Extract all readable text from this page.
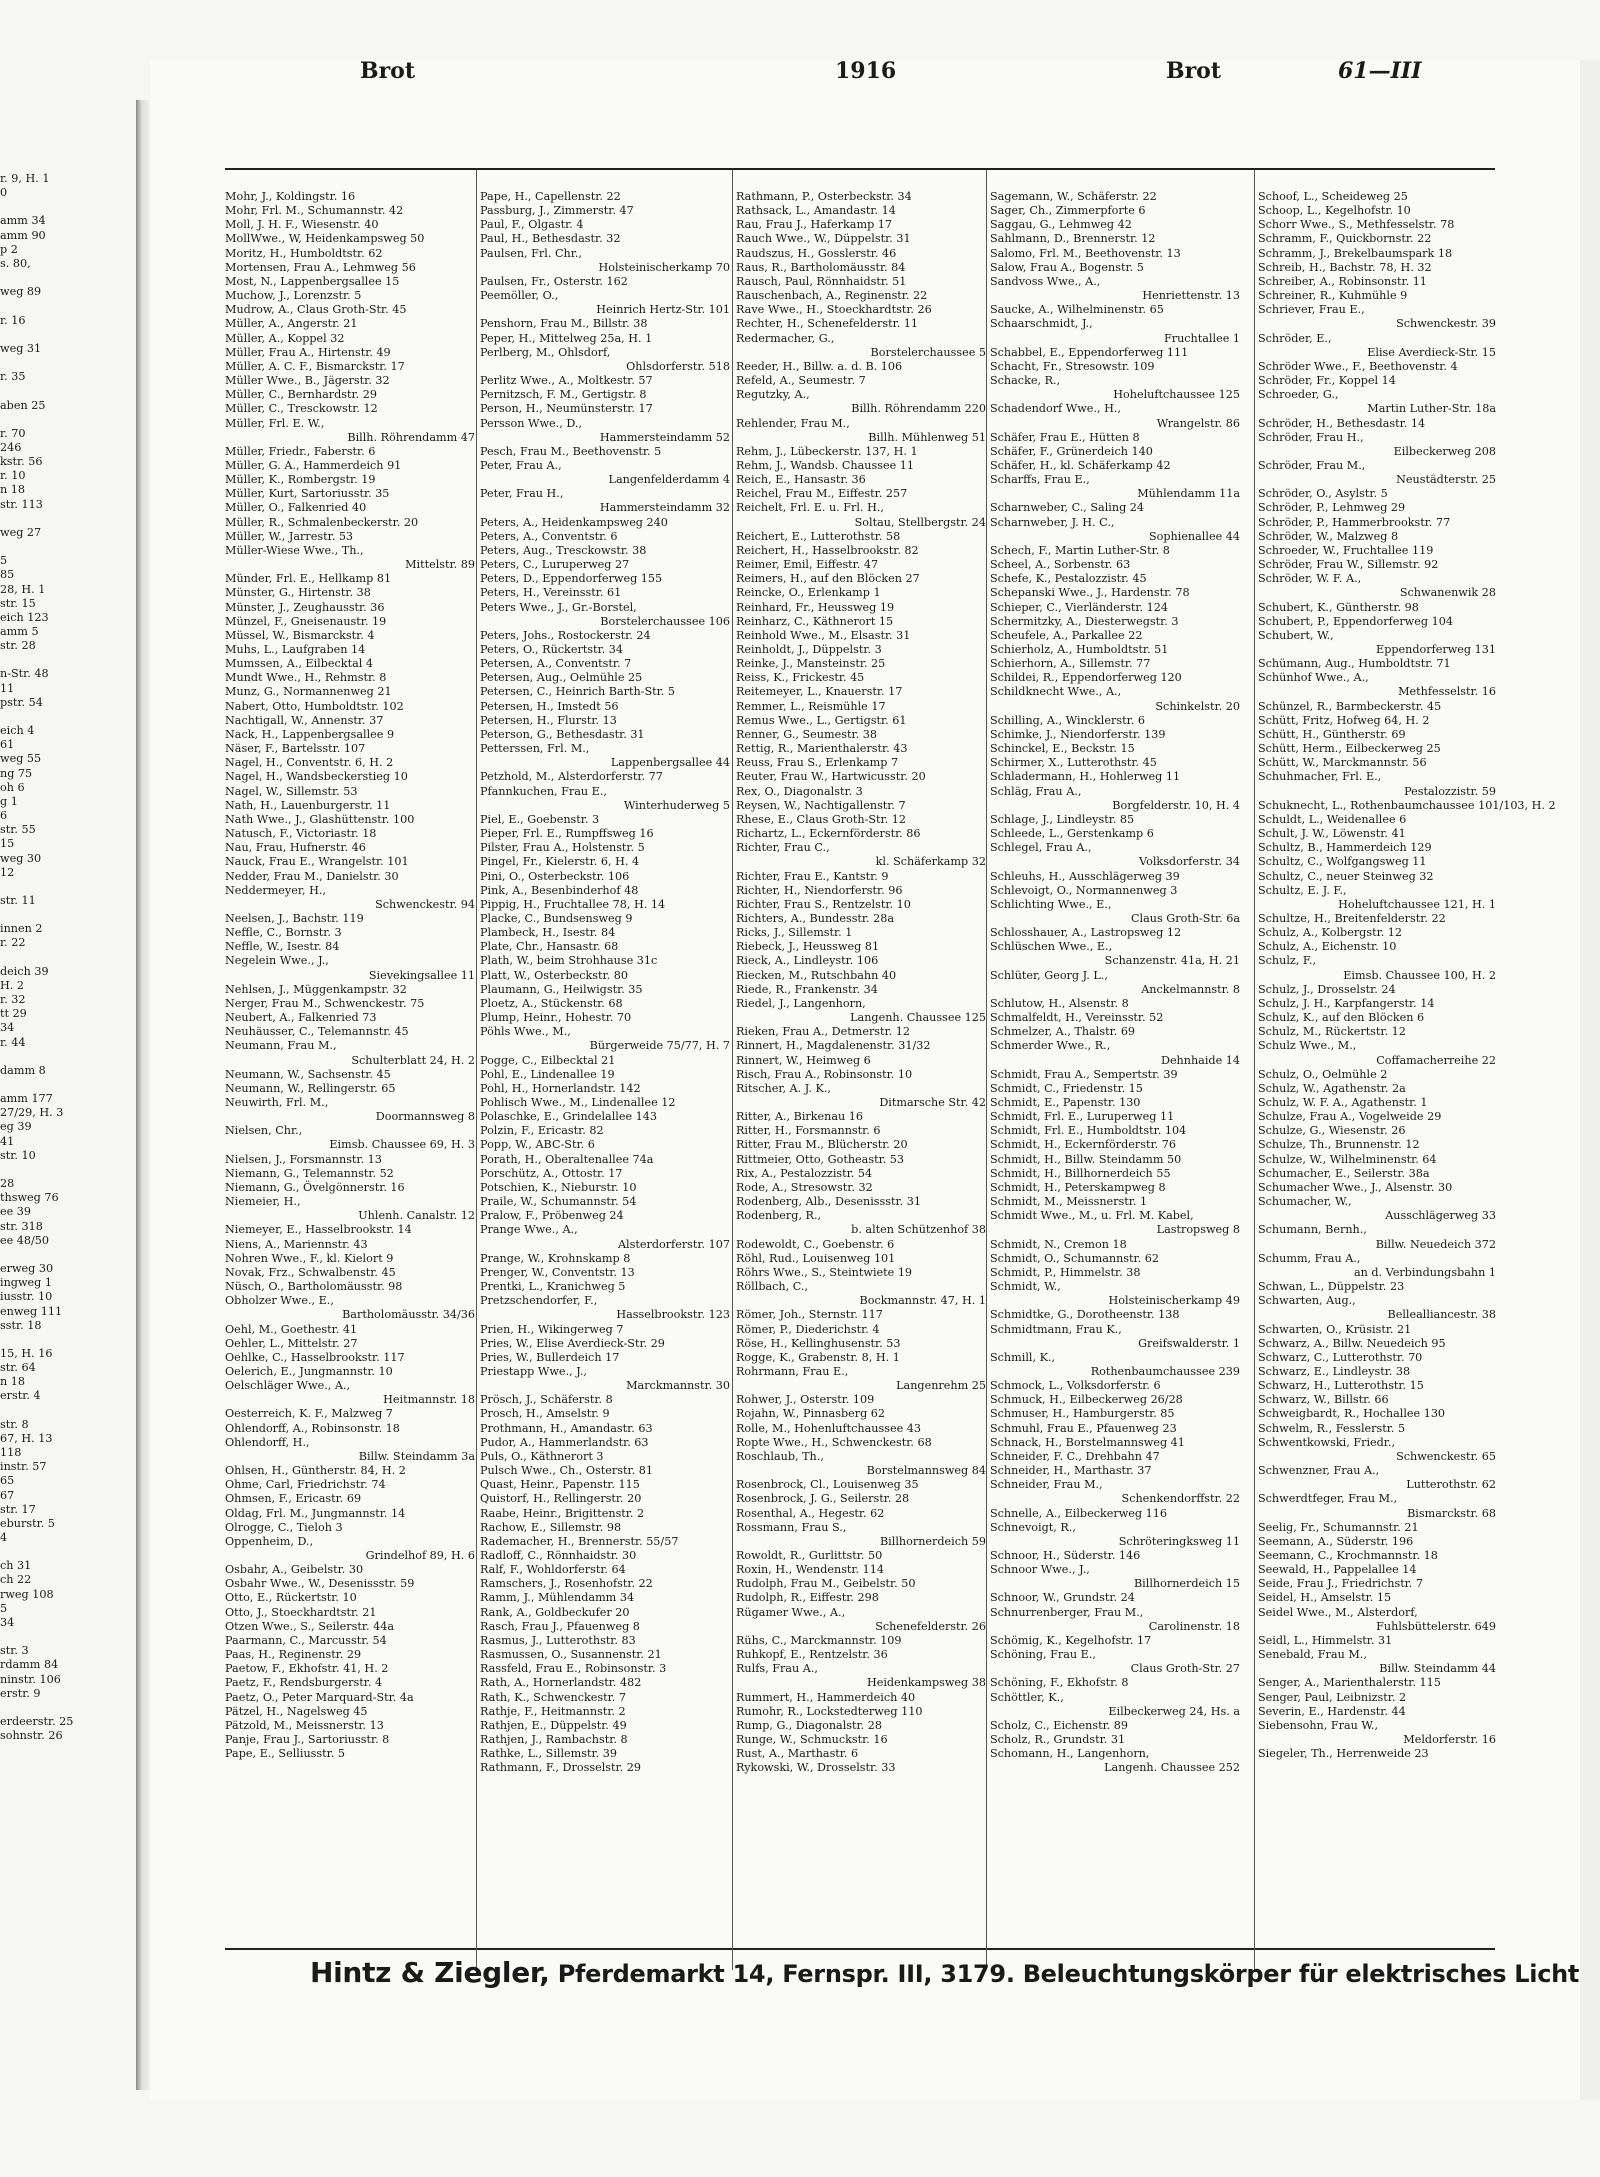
r. 9, H. 1
0

amm 34
amm 90
p 2
s. 80,

weg 89

r. 16

weg 31

r. 35

aben 25

r. 70
246
kstr. 56
r. 10
n 18
str. 113

weg 27

5
85
28, H. 1
str. 15
eich 123
amm 5
str. 28

n-Str. 48
11
pstr. 54

eich 4
61
weg 55
ng 75
oh 6
g 1
6
str. 55
15
weg 30
12

str. 11

innen 2
r. 22

deich 39
H. 2
r. 32
tt 29
34
r. 44

damm 8

amm 177
27/29, H. 3
eg 39
41
str. 10

28
thsweg 76
ee 39
str. 318
ee 48/50

erweg 30
ingweg 1
iusstr. 10
enweg 111
sstr. 18

15, H. 16
str. 64
n 18
erstr. 4

str. 8
67, H. 13
118
instr. 57
65
67
str. 17
eburstr. 5
4

ch 31
ch 22
rweg 108
5
34

str. 3
rdamm 84
ninstr. 106
erstr. 9

erdeerstr. 25
sohnstr. 26
Brot	1916	Brot	61—III
Mohr, J., Koldingstr. 16
Mohr, Frl. M., Schumannstr. 42
Moll, J. H. F., Wiesenstr. 40
MollWwe., W, Heidenkampsweg 50
Moritz, H., Humboldtstr. 62
Mortensen, Frau A., Lehmweg 56
Most, N., Lappenbergsallee 15
Muchow, J., Lorenzstr. 5
Mudrow, A., Claus Groth-Str. 45
Müller, A., Angerstr. 21
Müller, A., Koppel 32
Müller, Frau A., Hirtenstr. 49
Müller, A. C. F., Bismarckstr. 17
Müller Wwe., B., Jägerstr. 32
Müller, C., Bernhardstr. 29
Müller, C., Tresckowstr. 12
Müller, Frl. E. W.,
    Billh. Röhrendamm 47
Müller, Friedr., Faberstr. 6
Müller, G. A., Hammerdeich 91
Müller, K., Rombergstr. 19
Müller, Kurt, Sartoriusstr. 35
Müller, O., Falkenried 40
Müller, R., Schmalenbeckerstr. 20
Müller, W., Jarrestr. 53
Müller-Wiese Wwe., Th.,
    Mittelstr. 89
Münder, Frl. E., Hellkamp 81
Münster, G., Hirtenstr. 38
Münster, J., Zeughausstr. 36
Münzel, F., Gneisenaustr. 19
Müssel, W., Bismarckstr. 4
Muhs, L., Laufgraben 14
Mumssen, A., Eilbecktal 4
Mundt Wwe., H., Rehmstr. 8
Munz, G., Normannenweg 21
Nabert, Otto, Humboldtstr. 102
Nachtigall, W., Annenstr. 37
Nack, H., Lappenbergsallee 9
Näser, F., Bartelsstr. 107
Nagel, H., Conventstr. 6, H. 2
Nagel, H., Wandsbeckerstieg 10
Nagel, W., Sillemstr. 53
Nath, H., Lauenburgerstr. 11
Nath Wwe., J., Glashüttenstr. 100
Natusch, F., Victoriastr. 18
Nau, Frau, Hufnerstr. 46
Nauck, Frau E., Wrangelstr. 101
Nedder, Frau M., Danielstr. 30
Neddermeyer, H.,
    Schwenckestr. 94
Neelsen, J., Bachstr. 119
Neffle, C., Bornstr. 3
Neffle, W., Isestr. 84
Negelein Wwe., J.,
    Sievekingsallee 11
Nehlsen, J., Müggenkampstr. 32
Nerger, Frau M., Schwenckestr. 75
Neubert, A., Falkenried 73
Neuhäusser, C., Telemannstr. 45
Neumann, Frau M.,
    Schulterblatt 24, H. 2
Neumann, W., Sachsenstr. 45
Neumann, W., Rellingerstr. 65
Neuwirth, Frl. M.,
    Doormannsweg 8
Nielsen, Chr.,
    Eimsb. Chaussee 69, H. 3
Nielsen, J., Forsmannstr. 13
Niemann, G., Telemannstr. 52
Niemann, G., Övelgönnerstr. 16
Niemeier, H.,
    Uhlenh. Canalstr. 12
Niemeyer, E., Hasselbrookstr. 14
Niens, A., Mariennstr. 43
Nohren Wwe., F., kl. Kielort 9
Novak, Frz., Schwalbenstr. 45
Nüsch, O., Bartholomäusstr. 98
Obholzer Wwe., E.,
    Bartholomäusstr. 34/36
Oehl, M., Goethestr. 41
Oehler, L., Mittelstr. 27
Oehlke, C., Hasselbrookstr. 117
Oelerich, E., Jungmannstr. 10
Oelschläger Wwe., A.,
    Heitmannstr. 18
Oesterreich, K. F., Malzweg 7
Ohlendorff, A., Robinsonstr. 18
Ohlendorff, H.,
    Billw. Steindamm 3a
Ohlsen, H., Güntherstr. 84, H. 2
Ohme, Carl, Friedrichstr. 74
Ohmsen, F., Ericastr. 69
Oldag, Frl. M., Jungmannstr. 14
Olrogge, C., Tieloh 3
Oppenheim, D.,
    Grindelhof 89, H. 6
Osbahr, A., Geibelstr. 30
Osbahr Wwe., W., Desenissstr. 59
Otto, E., Rückertstr. 10
Otto, J., Stoeckhardtstr. 21
Otzen Wwe., S., Seilerstr. 44a
Paarmann, C., Marcusstr. 54
Paas, H., Reginenstr. 29
Paetow, F., Ekhofstr. 41, H. 2
Paetz, F., Rendsburgerstr. 4
Paetz, O., Peter Marquard-Str. 4a
Pätzel, H., Nagelsweg 45
Pätzold, M., Meissnerstr. 13
Panje, Frau J., Sartoriusstr. 8
Pape, E., Selliusstr. 5
Pape, H., Capellenstr. 22
Passburg, J., Zimmerstr. 47
Paul, F., Olgastr. 4
Paul, H., Bethesdastr. 32
Paulsen, Frl. Chr.,
    Holsteinischerkamp 70
Paulsen, Fr., Osterstr. 162
Peemöller, O.,
    Heinrich Hertz-Str. 101
Penshorn, Frau M., Billstr. 38
Peper, H., Mittelweg 25a, H. 1
Perlberg, M., Ohlsdorf,
    Ohlsdorferstr. 518
Perlitz Wwe., A., Moltkestr. 57
Pernitzsch, F. M., Gertigstr. 8
Person, H., Neumünsterstr. 17
Persson Wwe., D.,
    Hammersteindamm 52
Pesch, Frau M., Beethovenstr. 5
Peter, Frau A.,
    Langenfelderdamm 4
Peter, Frau H.,
    Hammersteindamm 32
Peters, A., Heidenkampsweg 240
Peters, A., Conventstr. 6
Peters, Aug., Tresckowstr. 38
Peters, C., Luruperweg 27
Peters, D., Eppendorferweg 155
Peters, H., Vereinsstr. 61
Peters Wwe., J., Gr.-Borstel,
    Borstelerchaussee 106
Peters, Johs., Rostockerstr. 24
Peters, O., Rückertstr. 34
Petersen, A., Conventstr. 7
Petersen, Aug., Oelmühle 25
Petersen, C., Heinrich Barth-Str. 5
Petersen, H., Imstedt 56
Petersen, H., Flurstr. 13
Peterson, G., Bethesdastr. 31
Petterssen, Frl. M.,
    Lappenbergsallee 44
Petzhold, M., Alsterdorferstr. 77
Pfannkuchen, Frau E.,
    Winterhuderweg 5
Piel, E., Goebenstr. 3
Pieper, Frl. E., Rumpffsweg 16
Pilster, Frau A., Holstenstr. 5
Pingel, Fr., Kielerstr. 6, H. 4
Pini, O., Osterbeckstr. 106
Pink, A., Besenbinderhof 48
Pippig, H., Fruchtallee 78, H. 14
Placke, C., Bundsensweg 9
Plambeck, H., Isestr. 84
Plate, Chr., Hansastr. 68
Plath, W., beim Strohhause 31c
Platt, W., Osterbeckstr. 80
Plaumann, G., Heilwigstr. 35
Ploetz, A., Stückenstr. 68
Plump, Heinr., Hohestr. 70
Pöhls Wwe., M.,
    Bürgerweide 75/77, H. 7
Pogge, C., Eilbecktal 21
Pohl, E., Lindenallee 19
Pohl, H., Hornerlandstr. 142
Pohlisch Wwe., M., Lindenallee 12
Polaschke, E., Grindelallee 143
Polzin, F., Ericastr. 82
Popp, W., ABC-Str. 6
Porath, H., Oberaltenallee 74a
Porschütz, A., Ottostr. 17
Potschien, K., Nieburstr. 10
Praile, W., Schumannstr. 54
Pralow, F., Pröbenweg 24
Prange Wwe., A.,
    Alsterdorferstr. 107
Prange, W., Krohnskamp 8
Prenger, W., Conventstr. 13
Prentki, L., Kranichweg 5
Pretzschendorfer, F.,
    Hasselbrookstr. 123
Prien, H., Wikingerweg 7
Pries, W., Elise Averdieck-Str. 29
Pries, W., Bullerdeich 17
Priestapp Wwe., J.,
    Marckmannstr. 30
Prösch, J., Schäferstr. 8
Prosch, H., Amselstr. 9
Prothmann, H., Amandastr. 63
Pudor, A., Hammerlandstr. 63
Puls, O., Käthnerort 3
Pulsch Wwe., Ch., Osterstr. 81
Quast, Heinr., Papenstr. 115
Quistorf, H., Rellingerstr. 20
Raabe, Heinr., Brigittenstr. 2
Rachow, E., Sillemstr. 98
Rademacher, H., Brennerstr. 55/57
Radloff, C., Rönnhaidstr. 30
Ralf, F., Wohldorferstr. 64
Ramschers, J., Rosenhofstr. 22
Ramm, J., Mühlendamm 34
Rank, A., Goldbeckufer 20
Rasch, Frau J., Pfauenweg 8
Rasmus, J., Lutterothstr. 83
Rasmussen, O., Susannenstr. 21
Rassfeld, Frau E., Robinsonstr. 3
Rath, A., Hornerlandstr. 482
Rath, K., Schwenckestr. 7
Rathje, F., Heitmannstr. 2
Rathjen, E., Düppelstr. 49
Rathjen, J., Rambachstr. 8
Rathke, L., Sillemstr. 39
Rathmann, F., Drosselstr. 29
Rathmann, P., Osterbeckstr. 34
Rathsack, L., Amandastr. 14
Rau, Frau J., Haferkamp 17
Rauch Wwe., W., Düppelstr. 31
Raudszus, H., Gosslerstr. 46
Raus, R., Bartholomäusstr. 84
Rausch, Paul, Rönnhaidstr. 51
Rauschenbach, A., Reginenstr. 22
Rave Wwe., H., Stoeckhardtstr. 26
Rechter, H., Schenefelderstr. 11
Redermacher, G.,
    Borstelerchaussee 5
Reeder, H., Billw. a. d. B. 106
Refeld, A., Seumestr. 7
Regutzky, A.,
    Billh. Röhrendamm 220
Rehlender, Frau M.,
    Billh. Mühlenweg 51
Rehm, J., Lübeckerstr. 137, H. 1
Rehm, J., Wandsb. Chaussee 11
Reich, E., Hansastr. 36
Reichel, Frau M., Eiffestr. 257
Reichelt, Frl. E. u. Frl. H.,
    Soltau, Stellbergstr. 24
Reichert, E., Lutterothstr. 58
Reichert, H., Hasselbrookstr. 82
Reimer, Emil, Eiffestr. 47
Reimers, H., auf den Blöcken 27
Reincke, O., Erlenkamp 1
Reinhard, Fr., Heussweg 19
Reinharz, C., Käthnerort 15
Reinhold Wwe., M., Elsastr. 31
Reinholdt, J., Düppelstr. 3
Reinke, J., Mansteinstr. 25
Reiss, K., Frickestr. 45
Reitemeyer, L., Knauerstr. 17
Remmer, L., Reismühle 17
Remus Wwe., L., Gertigstr. 61
Renner, G., Seumestr. 38
Rettig, R., Marienthalerstr. 43
Reuss, Frau S., Erlenkamp 7
Reuter, Frau W., Hartwicusstr. 20
Rex, O., Diagonalstr. 3
Reysen, W., Nachtigallenstr. 7
Rhese, E., Claus Groth-Str. 12
Richartz, L., Eckernförderstr. 86
Richter, Frau C.,
    kl. Schäferkamp 32
Richter, Frau E., Kantstr. 9
Richter, H., Niendorferstr. 96
Richter, Frau S., Rentzelstr. 10
Richters, A., Bundesstr. 28a
Ricks, J., Sillemstr. 1
Riebeck, J., Heussweg 81
Rieck, A., Lindleystr. 106
Riecken, M., Rutschbahn 40
Riede, R., Frankenstr. 34
Riedel, J., Langenhorn,
    Langenh. Chaussee 125
Rieken, Frau A., Detmerstr. 12
Rinnert, H., Magdalenenstr. 31/32
Rinnert, W., Heimweg 6
Risch, Frau A., Robinsonstr. 10
Ritscher, A. J. K.,
    Ditmarsche Str. 42
Ritter, A., Birkenau 16
Ritter, H., Forsmannstr. 6
Ritter, Frau M., Blücherstr. 20
Rittmeier, Otto, Gotheastr. 53
Rix, A., Pestalozzistr. 54
Rode, A., Stresowstr. 32
Rodenberg, Alb., Desenissstr. 31
Rodenberg, R.,
    b. alten Schützenhof 38
Rodewoldt, C., Goebenstr. 6
Röhl, Rud., Louisenweg 101
Röhrs Wwe., S., Steintwiete 19
Röllbach, C.,
    Bockmannstr. 47, H. 1
Römer, Joh., Sternstr. 117
Römer, P., Diederichstr. 4
Röse, H., Kellinghusenstr. 53
Rogge, K., Grabenstr. 8, H. 1
Rohrmann, Frau E.,
    Langenrehm 25
Rohwer, J., Osterstr. 109
Rojahn, W., Pinnasberg 62
Rolle, M., Hohenluftchaussee 43
Ropte Wwe., H., Schwenckestr. 68
Roschlaub, Th.,
    Borstelmannsweg 84
Rosenbrock, Cl., Louisenweg 35
Rosenbrock, J. G., Seilerstr. 28
Rosenthal, A., Hegestr. 62
Rossmann, Frau S.,
    Billhornerdeich 59
Rowoldt, R., Gurlittstr. 50
Roxin, H., Wendenstr. 114
Rudolph, Frau M., Geibelstr. 50
Rudolph, R., Eiffestr. 298
Rügamer Wwe., A.,
    Schenefelderstr. 26
Rühs, C., Marckmannstr. 109
Ruhkopf, E., Rentzelstr. 36
Rulfs, Frau A.,
    Heidenkampsweg 38
Rummert, H., Hammerdeich 40
Rumohr, R., Lockstedterweg 110
Rump, G., Diagonalstr. 28
Runge, W., Schmuckstr. 16
Rust, A., Marthastr. 6
Rykowski, W., Drosselstr. 33
Sagemann, W., Schäferstr. 22
Sager, Ch., Zimmerpforte 6
Saggau, G., Lehmweg 42
Sahlmann, D., Brennerstr. 12
Salomo, Frl. M., Beethovenstr. 13
Salow, Frau A., Bogenstr. 5
Sandvoss Wwe., A.,
    Henriettenstr. 13
Saucke, A., Wilhelminenstr. 65
Schaarschmidt, J.,
    Fruchtallee 1
Schabbel, E., Eppendorferweg 111
Schacht, Fr., Stresowstr. 109
Schacke, R.,
    Hoheluftchaussee 125
Schadendorf Wwe., H.,
    Wrangelstr. 86
Schäfer, Frau E., Hütten 8
Schäfer, F., Grünerdeich 140
Schäfer, H., kl. Schäferkamp 42
Scharffs, Frau E.,
    Mühlendamm 11a
Scharnweber, C., Saling 24
Scharnweber, J. H. C.,
    Sophienallee 44
Schech, F., Martin Luther-Str. 8
Scheel, A., Sorbenstr. 63
Schefe, K., Pestalozzistr. 45
Schepanski Wwe., J., Hardenstr. 78
Schieper, C., Vierländerstr. 124
Schermitzky, A., Diesterwegstr. 3
Scheufele, A., Parkallee 22
Schierholz, A., Humboldtstr. 51
Schierhorn, A., Sillemstr. 77
Schildei, R., Eppendorferweg 120
Schildknecht Wwe., A.,
    Schinkelstr. 20
Schilling, A., Wincklerstr. 6
Schimke, J., Niendorferstr. 139
Schinckel, E., Beckstr. 15
Schirmer, X., Lutterothstr. 45
Schladermann, H., Hohlerweg 11
Schläg, Frau A.,
    Borgfelderstr. 10, H. 4
Schlage, J., Lindleystr. 85
Schleede, L., Gerstenkamp 6
Schlegel, Frau A.,
    Volksdorferstr. 34
Schleuhs, H., Ausschlägerweg 39
Schlevoigt, O., Normannenweg 3
Schlichting Wwe., E.,
    Claus Groth-Str. 6a
Schlosshauer, A., Lastropsweg 12
Schlüschen Wwe., E.,
    Schanzenstr. 41a, H. 21
Schlüter, Georg J. L.,
    Anckelmannstr. 8
Schlutow, H., Alsenstr. 8
Schmalfeldt, H., Vereinsstr. 52
Schmelzer, A., Thalstr. 69
Schmerder Wwe., R.,
    Dehnhaide 14
Schmidt, Frau A., Sempertstr. 39
Schmidt, C., Friedenstr. 15
Schmidt, E., Papenstr. 130
Schmidt, Frl. E., Luruperweg 11
Schmidt, Frl. E., Humboldtstr. 104
Schmidt, H., Eckernförderstr. 76
Schmidt, H., Billw. Steindamm 50
Schmidt, H., Billhornerdeich 55
Schmidt, H., Peterskampweg 8
Schmidt, M., Meissnerstr. 1
Schmidt Wwe., M., u. Frl. M. Kabel,
    Lastropsweg 8
Schmidt, N., Cremon 18
Schmidt, O., Schumannstr. 62
Schmidt, P., Himmelstr. 38
Schmidt, W.,
    Holsteinischerkamp 49
Schmidtke, G., Dorotheenstr. 138
Schmidtmann, Frau K.,
    Greifswalderstr. 1
Schmill, K.,
    Rothenbaumchaussee 239
Schmock, L., Volksdorferstr. 6
Schmuck, H., Eilbeckerweg 26/28
Schmuser, H., Hamburgerstr. 85
Schmuhl, Frau E., Pfauenweg 23
Schnack, H., Borstelmannsweg 41
Schneider, F. C., Drehbahn 47
Schneider, H., Marthastr. 37
Schneider, Frau M.,
    Schenkendorffstr. 22
Schnelle, A., Eilbeckerweg 116
Schnevoigt, R.,
    Schröteringksweg 11
Schnoor, H., Süderstr. 146
Schnoor Wwe., J.,
    Billhornerdeich 15
Schnoor, W., Grundstr. 24
Schnurrenberger, Frau M.,
    Carolinenstr. 18
Schömig, K., Kegelhofstr. 17
Schöning, Frau E.,
    Claus Groth-Str. 27
Schöning, F., Ekhofstr. 8
Schöttler, K.,
    Eilbeckerweg 24, Hs. a
Scholz, C., Eichenstr. 89
Scholz, R., Grundstr. 31
Schomann, H., Langenhorn,
    Langenh. Chaussee 252
Schoof, L., Scheideweg 25
Schoop, L., Kegelhofstr. 10
Schorr Wwe., S., Methfesselstr. 78
Schramm, F., Quickbornstr. 22
Schramm, J., Brekelbaumspark 18
Schreib, H., Bachstr. 78, H. 32
Schreiber, A., Robinsonstr. 11
Schreiner, R., Kuhmühle 9
Schriever, Frau E.,
    Schwenckestr. 39
Schröder, E.,
    Elise Averdieck-Str. 15
Schröder Wwe., F., Beethovenstr. 4
Schröder, Fr., Koppel 14
Schroeder, G.,
    Martin Luther-Str. 18a
Schröder, H., Bethesdastr. 14
Schröder, Frau H.,
    Eilbeckerweg 208
Schröder, Frau M.,
    Neustädterstr. 25
Schröder, O., Asylstr. 5
Schröder, P., Lehmweg 29
Schröder, P., Hammerbrookstr. 77
Schröder, W., Malzweg 8
Schroeder, W., Fruchtallee 119
Schröder, Frau W., Sillemstr. 92
Schröder, W. F. A.,
    Schwanenwik 28
Schubert, K., Güntherstr. 98
Schubert, P., Eppendorferweg 104
Schubert, W.,
    Eppendorferweg 131
Schümann, Aug., Humboldtstr. 71
Schünhof Wwe., A.,
    Methfesselstr. 16
Schünzel, R., Barmbeckerstr. 45
Schütt, Fritz, Hofweg 64, H. 2
Schütt, H., Güntherstr. 69
Schütt, Herm., Eilbeckerweg 25
Schütt, W., Marckmannstr. 56
Schuhmacher, Frl. E.,
    Pestalozzistr. 59
Schuknecht, L., Rothenbaumchaussee 101/103, H. 2
Schuldt, L., Weidenallee 6
Schult, J. W., Löwenstr. 41
Schultz, B., Hammerdeich 129
Schultz, C., Wolfgangsweg 11
Schultz, C., neuer Steinweg 32
Schultz, E. J. F.,
    Hoheluftchaussee 121, H. 1
Schultze, H., Breitenfelderstr. 22
Schulz, A., Kolbergstr. 12
Schulz, A., Eichenstr. 10
Schulz, F.,
    Eimsb. Chaussee 100, H. 2
Schulz, J., Drosselstr. 24
Schulz, J. H., Karpfangerstr. 14
Schulz, K., auf den Blöcken 6
Schulz, M., Rückertstr. 12
Schulz Wwe., M.,
    Coffamacherreihe 22
Schulz, O., Oelmühle 2
Schulz, W., Agathenstr. 2a
Schulz, W. F. A., Agathenstr. 1
Schulze, Frau A., Vogelweide 29
Schulze, G., Wiesenstr. 26
Schulze, Th., Brunnenstr. 12
Schulze, W., Wilhelminenstr. 64
Schumacher, E., Seilerstr. 38a
Schumacher Wwe., J., Alsenstr. 30
Schumacher, W.,
    Ausschlägerweg 33
Schumann, Bernh.,
    Billw. Neuedeich 372
Schumm, Frau A.,
    an d. Verbindungsbahn 1
Schwan, L., Düppelstr. 23
Schwarten, Aug.,
    Bellealliancestr. 38
Schwarten, O., Krüsistr. 21
Schwarz, A., Billw. Neuedeich 95
Schwarz, C., Lutterothstr. 70
Schwarz, E., Lindleystr. 38
Schwarz, H., Lutterothstr. 15
Schwarz, W., Billstr. 66
Schweigbardt, R., Hochallee 130
Schwelm, R., Fesslerstr. 5
Schwentkowski, Friedr.,
    Schwenckestr. 65
Schwenzner, Frau A.,
    Lutterothstr. 62
Schwerdtfeger, Frau M.,
    Bismarckstr. 68
Seelig, Fr., Schumannstr. 21
Seemann, A., Süderstr. 196
Seemann, C., Krochmannstr. 18
Seewald, H., Pappelallee 14
Seide, Frau J., Friedrichstr. 7
Seidel, H., Amselstr. 15
Seidel Wwe., M., Alsterdorf,
    Fuhlsbüttelerstr. 649
Seidl, L., Himmelstr. 31
Senebald, Frau M.,
    Billw. Steindamm 44
Senger, A., Marienthalerstr. 115
Senger, Paul, Leibnizstr. 2
Severin, E., Hardenstr. 44
Siebensohn, Frau W.,
    Meldorferstr. 16
Siegeler, Th., Herrenweide 23
Hintz & Ziegler, Pferdemarkt 14, Fernspr. III, 3179. Beleuchtungskörper für elektrisches Licht
